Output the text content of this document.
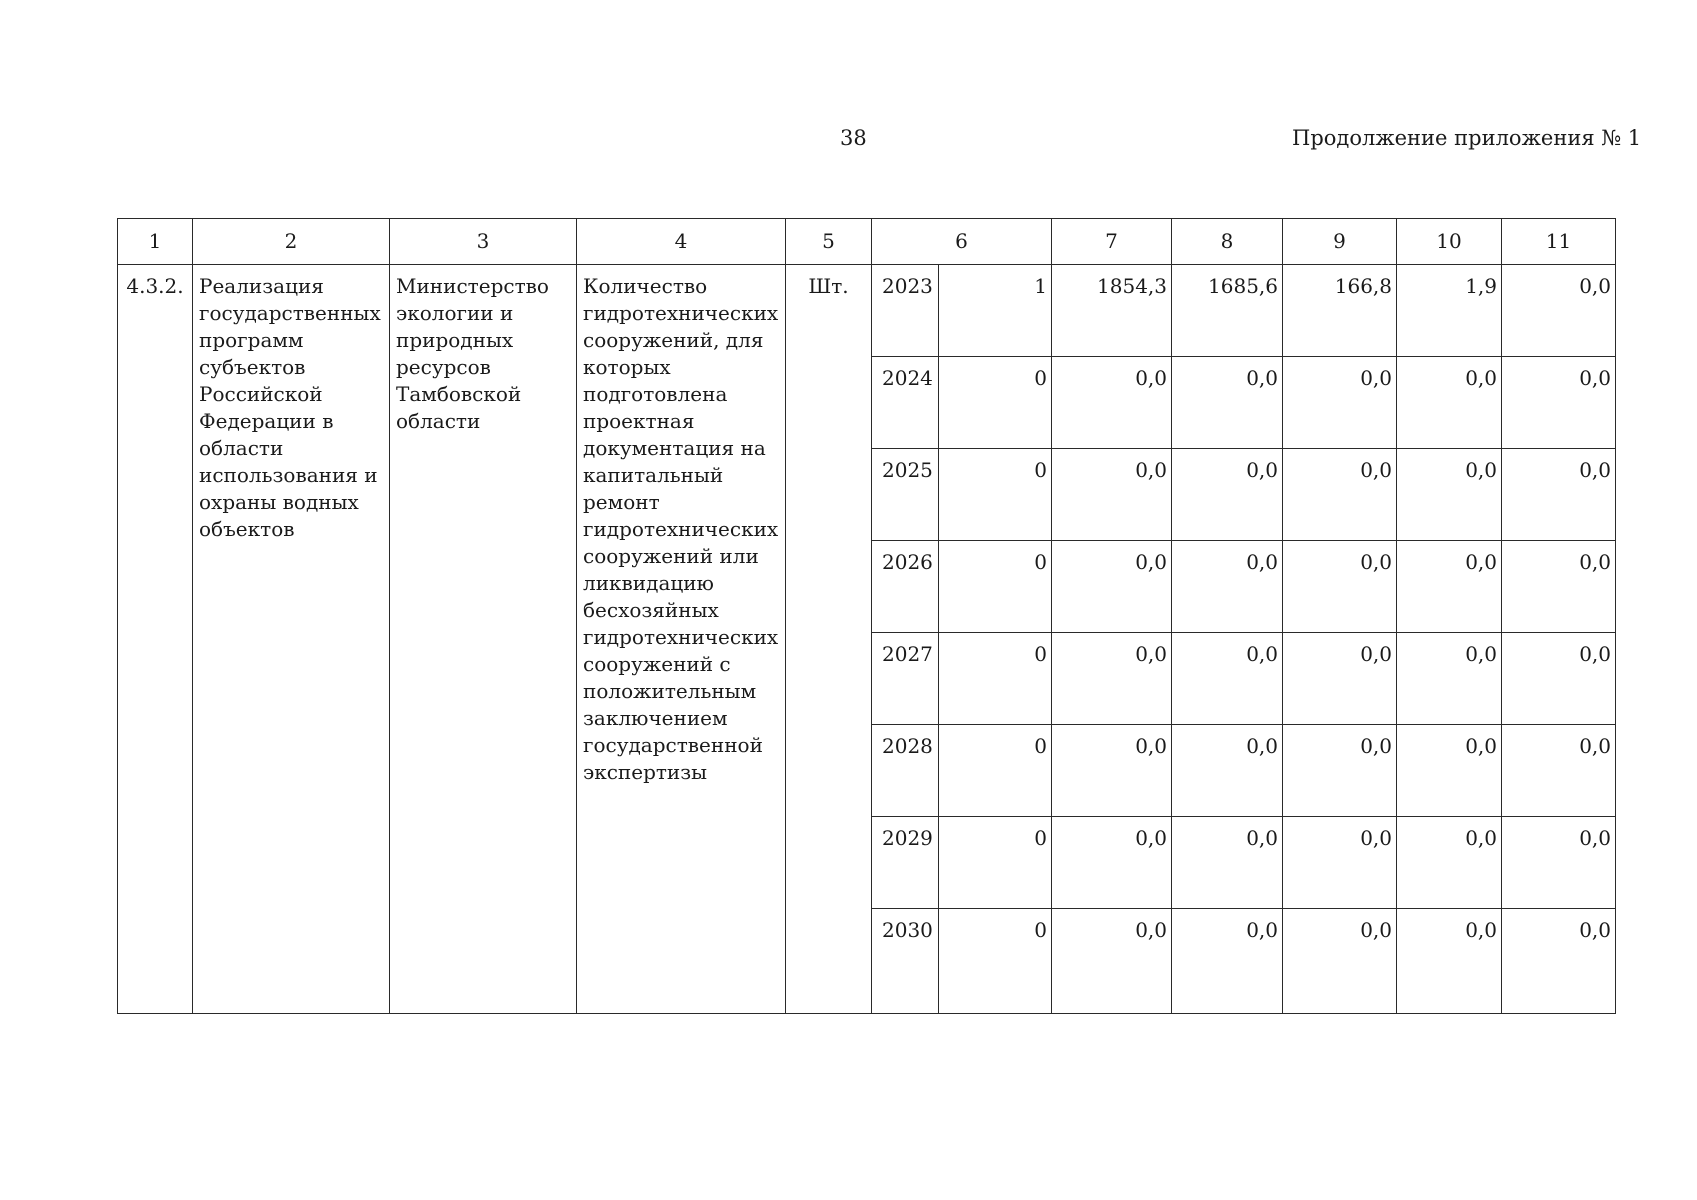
38	Продолжение приложения № 1
1	2	3	4	5	6		7	8	9	10	11

4.3.2.	Реализация государственных программ субъектов Российской Федерации в области использования и охраны водных объектов	Министерство экологии и природных ресурсов Тамбовской области	Количество гидротехнических сооружений, для которых подготовлена проектная документация на капитальный ремонт гидротехнических сооружений или ликвидацию бесхозяйных гидротехнических сооружений с положительным заключением государственной экспертизы	Шт.	2023	1	1854,3	1685,6	166,8	1,9	0,0

					2024	0	0,0	0,0	0,0	0,0	0,0

					2025	0	0,0	0,0	0,0	0,0	0,0

					2026	0	0,0	0,0	0,0	0,0	0,0

					2027	0	0,0	0,0	0,0	0,0	0,0

					2028	0	0,0	0,0	0,0	0,0	0,0

					2029	0	0,0	0,0	0,0	0,0	0,0

					2030	0	0,0	0,0	0,0	0,0	0,0
